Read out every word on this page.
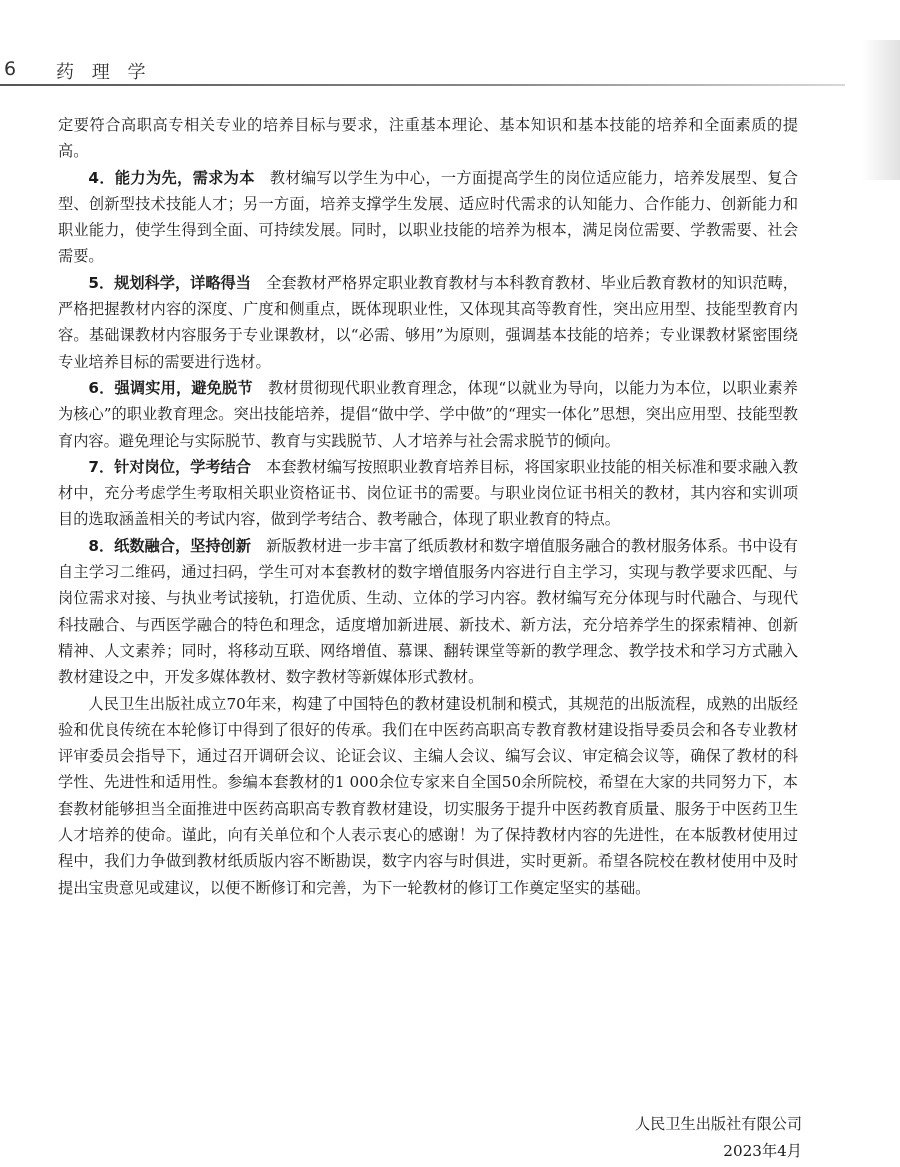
6 药 理 学

定要符合高职高专相关专业的培养目标与要求，注重基本理论、基本知识和基本技能的培养和全面素质的提高。

4．能力为先，需求为本 教材编写以学生为中心，一方面提高学生的岗位适应能力，培养发展型、复合型、创新型技术技能人才；另一方面，培养支撑学生发展、适应时代需求的认知能力、合作能力、创新能力和职业能力，使学生得到全面、可持续发展。同时，以职业技能的培养为根本，满足岗位需要、学教需要、社会需要。

5．规划科学，详略得当 全套教材严格界定职业教育教材与本科教育教材、毕业后教育教材的知识范畴，严格把握教材内容的深度、广度和侧重点，既体现职业性，又体现其高等教育性，突出应用型、技能型教育内容。基础课教材内容服务于专业课教材，以“必需、够用”为原则，强调基本技能的培养；专业课教材紧密围绕专业培养目标的需要进行选材。

6．强调实用，避免脱节 教材贯彻现代职业教育理念，体现“以就业为导向，以能力为本位，以职业素养为核心”的职业教育理念。突出技能培养，提倡“做中学、学中做”的“理实一体化”思想，突出应用型、技能型教育内容。避免理论与实际脱节、教育与实践脱节、人才培养与社会需求脱节的倾向。

7．针对岗位，学考结合 本套教材编写按照职业教育培养目标，将国家职业技能的相关标准和要求融入教材中，充分考虑学生考取相关职业资格证书、岗位证书的需要。与职业岗位证书相关的教材，其内容和实训项目的选取涵盖相关的考试内容，做到学考结合、教考融合，体现了职业教育的特点。

8．纸数融合，坚持创新 新版教材进一步丰富了纸质教材和数字增值服务融合的教材服务体系。书中设有自主学习二维码，通过扫码，学生可对本套教材的数字增值服务内容进行自主学习，实现与教学要求匹配、与岗位需求对接、与执业考试接轨，打造优质、生动、立体的学习内容。教材编写充分体现与时代融合、与现代科技融合、与西医学融合的特色和理念，适度增加新进展、新技术、新方法，充分培养学生的探索精神、创新精神、人文素养；同时，将移动互联、网络增值、慕课、翻转课堂等新的教学理念、教学技术和学习方式融入教材建设之中，开发多媒体教材、数字教材等新媒体形式教材。

人民卫生出版社成立70年来，构建了中国特色的教材建设机制和模式，其规范的出版流程，成熟的出版经验和优良传统在本轮修订中得到了很好的传承。我们在中医药高职高专教育教材建设指导委员会和各专业教材评审委员会指导下，通过召开调研会议、论证会议、主编人会议、编写会议、审定稿会议等，确保了教材的科学性、先进性和适用性。参编本套教材的1 000余位专家来自全国50余所院校，希望在大家的共同努力下，本套教材能够担当全面推进中医药高职高专教育教材建设，切实服务于提升中医药教育质量、服务于中医药卫生人才培养的使命。谨此，向有关单位和个人表示衷心的感谢！为了保持教材内容的先进性，在本版教材使用过程中，我们力争做到教材纸质版内容不断勘误，数字内容与时俱进，实时更新。希望各院校在教材使用中及时提出宝贵意见或建议，以便不断修订和完善，为下一轮教材的修订工作奠定坚实的基础。

人民卫生出版社有限公司
2023年4月
